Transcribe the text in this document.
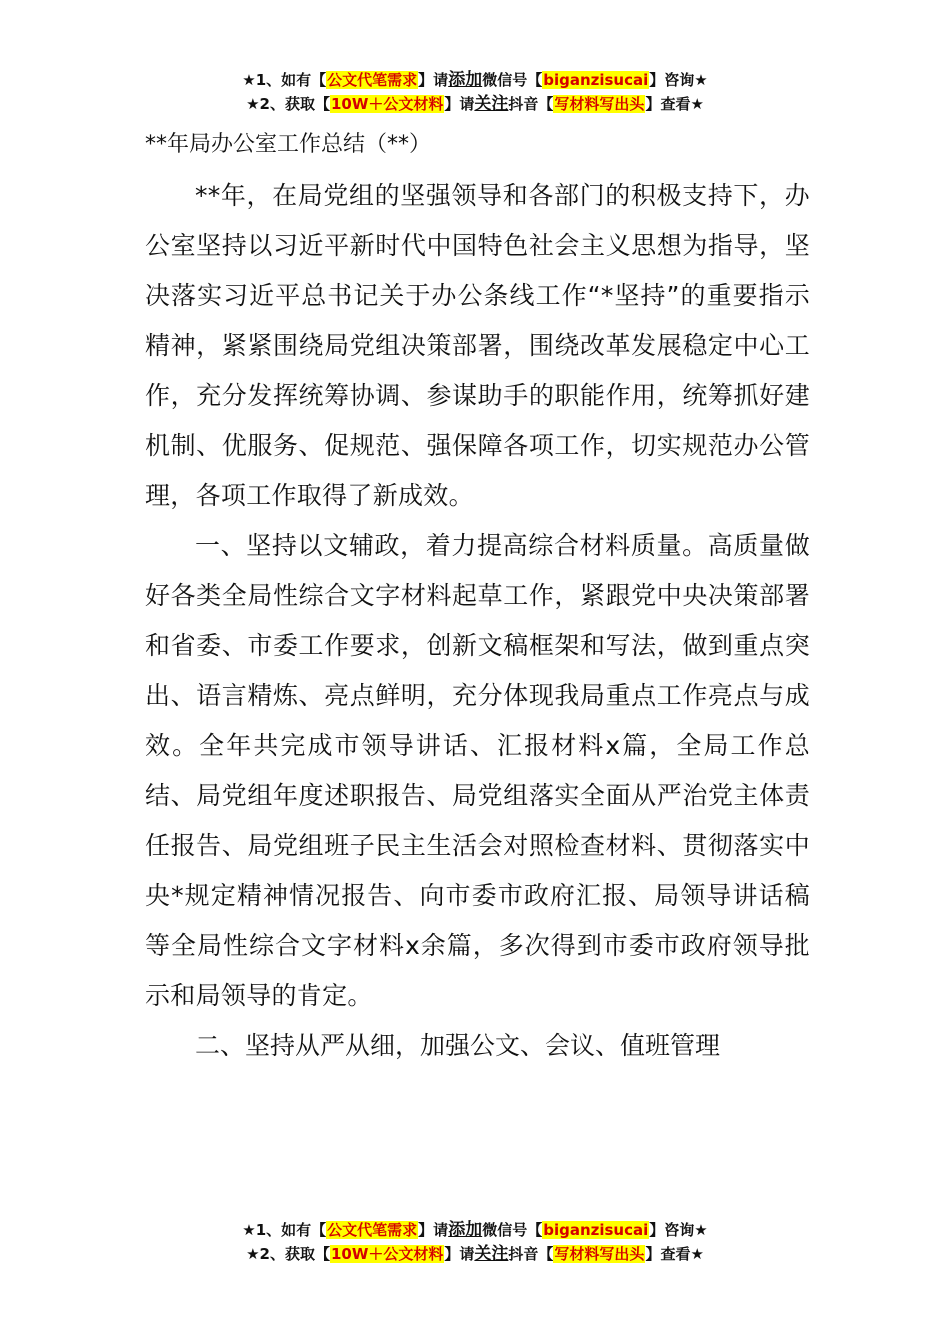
★1、如有【公文代笔需求】请添加微信号【biganzisucai】咨询★
★2、获取【10W＋公文材料】请关注抖音【写材料写出头】查看★
**年局办公室工作总结（**）

**年，在局党组的坚强领导和各部门的积极支持下，办公室坚持以习近平新时代中国特色社会主义思想为指导，坚决落实习近平总书记关于办公条线工作“*坚持”的重要指示精神，紧紧围绕局党组决策部署，围绕改革发展稳定中心工作，充分发挥统筹协调、参谋助手的职能作用，统筹抓好建机制、优服务、促规范、强保障各项工作，切实规范办公管理，各项工作取得了新成效。

一、坚持以文辅政，着力提高综合材料质量。高质量做好各类全局性综合文字材料起草工作，紧跟党中央决策部署和省委、市委工作要求，创新文稿框架和写法，做到重点突出、语言精炼、亮点鲜明，充分体现我局重点工作亮点与成效。全年共完成市领导讲话、汇报材料x篇，全局工作总结、局党组年度述职报告、局党组落实全面从严治党主体责任报告、局党组班子民主生活会对照检查材料、贯彻落实中央*规定精神情况报告、向市委市政府汇报、局领导讲话稿等全局性综合文字材料x余篇，多次得到市委市政府领导批示和局领导的肯定。

二、坚持从严从细，加强公文、会议、值班管理

★1、如有【公文代笔需求】请添加微信号【biganzisucai】咨询★
★2、获取【10W＋公文材料】请关注抖音【写材料写出头】查看★
